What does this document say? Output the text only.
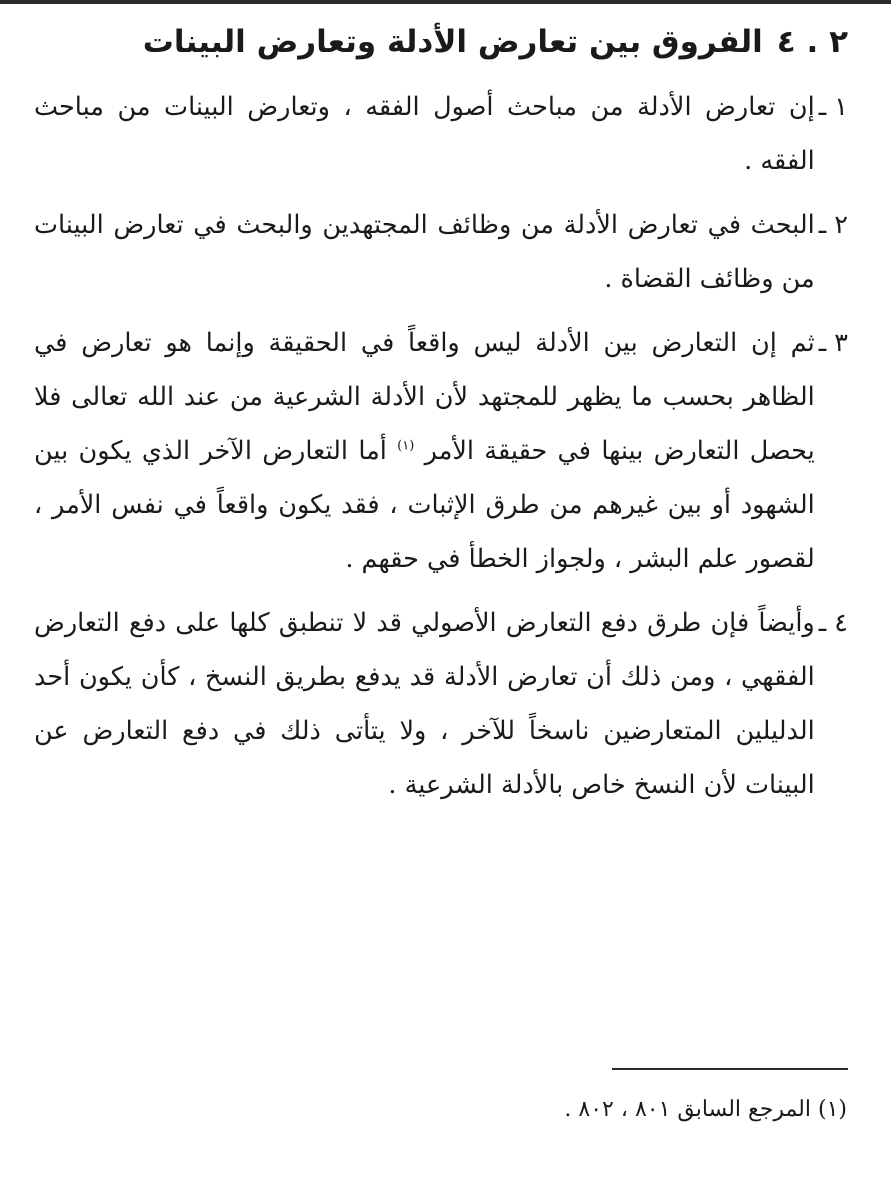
٢ . ٤الفروق بين تعارض الأدلة وتعارض البينات
١ ـ
إن تعارض الأدلة من مباحث أصول الفقه ، وتعارض البينات من مباحث الفقه .
٢ ـ
البحث في تعارض الأدلة من وظائف المجتهدين والبحث في تعارض البينات من وظائف القضاة .
٣ ـ
ثم إن التعارض بين الأدلة ليس واقعاً في الحقيقة وإنما هو تعارض في الظاهر بحسب ما يظهر للمجتهد لأن الأدلة الشرعية من عند الله تعالى فلا يحصل التعارض بينها في حقيقة الأمر $^{(١)}$ أما التعارض الآخر الذي يكون بين الشهود أو بين غيرهم من طرق الإثبات ، فقد يكون واقعاً في نفس الأمر ، لقصور علم البشر ، ولجواز الخطأ في حقهم .
٤ ـ
وأيضاً فإن طرق دفع التعارض الأصولي قد لا تنطبق كلها على دفع التعارض الفقهي ، ومن ذلك أن تعارض الأدلة قد يدفع بطريق النسخ ، كأن يكون أحد الدليلين المتعارضين ناسخاً للآخر ، ولا يتأتى ذلك في دفع التعارض عن البينات لأن النسخ خاص بالأدلة الشرعية .
(١) المرجع السابق ٨٠١ ، ٨٠٢ .
